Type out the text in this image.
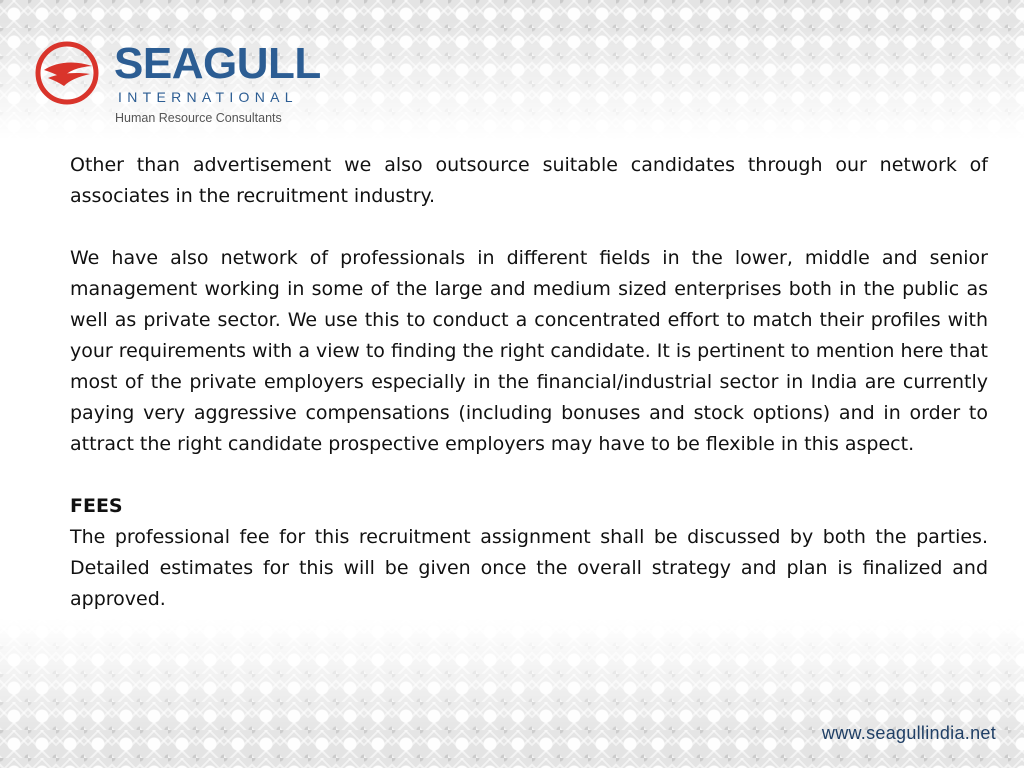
SEAGULL
INTERNATIONAL
Human Resource Consultants

Other than advertisement we also outsource suitable candidates through our network of associates in the recruitment industry.

We have also network of professionals in different fields in the lower, middle and senior management working in some of the large and medium sized enterprises both in the public as well as private sector. We use this to conduct a concentrated effort to match their profiles with your requirements with a view to finding the right candidate. It is pertinent to mention here that most of the private employers especially in the financial/industrial sector in India are currently paying very aggressive compensations (including bonuses and stock options) and in order to attract the right candidate prospective employers may have to be flexible in this aspect.

FEES

The professional fee for this recruitment assignment shall be discussed by both the parties. Detailed estimates for this will be given once the overall strategy and plan is finalized and approved.

www.seagullindia.net
